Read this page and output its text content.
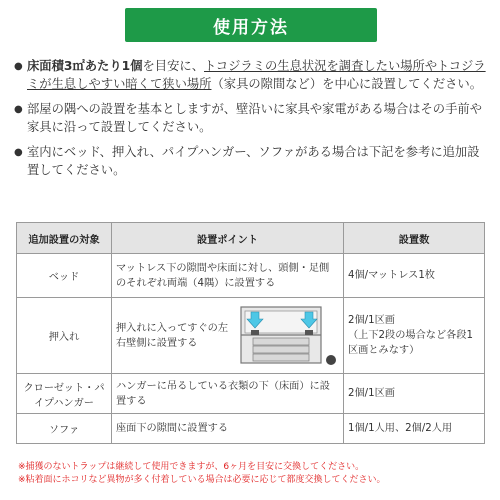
使用方法
● 床面積3㎡あたり1個を目安に、トコジラミの生息状況を調査したい場所やトコジラミが生息しやすい暗くて狭い場所（家具の隙間など）を中心に設置してください。
● 部屋の隅への設置を基本としますが、壁沿いに家具や家電がある場合はその手前や家具に沿って設置してください。
● 室内にベッド、押入れ、パイプハンガー、ソファがある場合は下記を参考に追加設置してください。
追加設置の対象	設置ポイント	設置数
ベッド	マットレス下の隙間や床面に対し、頭側・足側のそれぞれ両端（4隅）に設置する	4個/マットレス1枚
押入れ	押入れに入ってすぐの左右壁側に設置する	2個/1区画
（上下2段の場合など各段1区画とみなす）
クローゼット・パイプハンガー	ハンガーに吊るしている衣類の下（床面）に設置する	2個/1区画
ソファ	座面下の隙間に設置する	1個/1人用、2個/2人用
※捕獲のないトラップは継続して使用できますが、6ヶ月を目安に交換してください。
※粘着面にホコリなど異物が多く付着している場合は必要に応じて都度交換してください。
